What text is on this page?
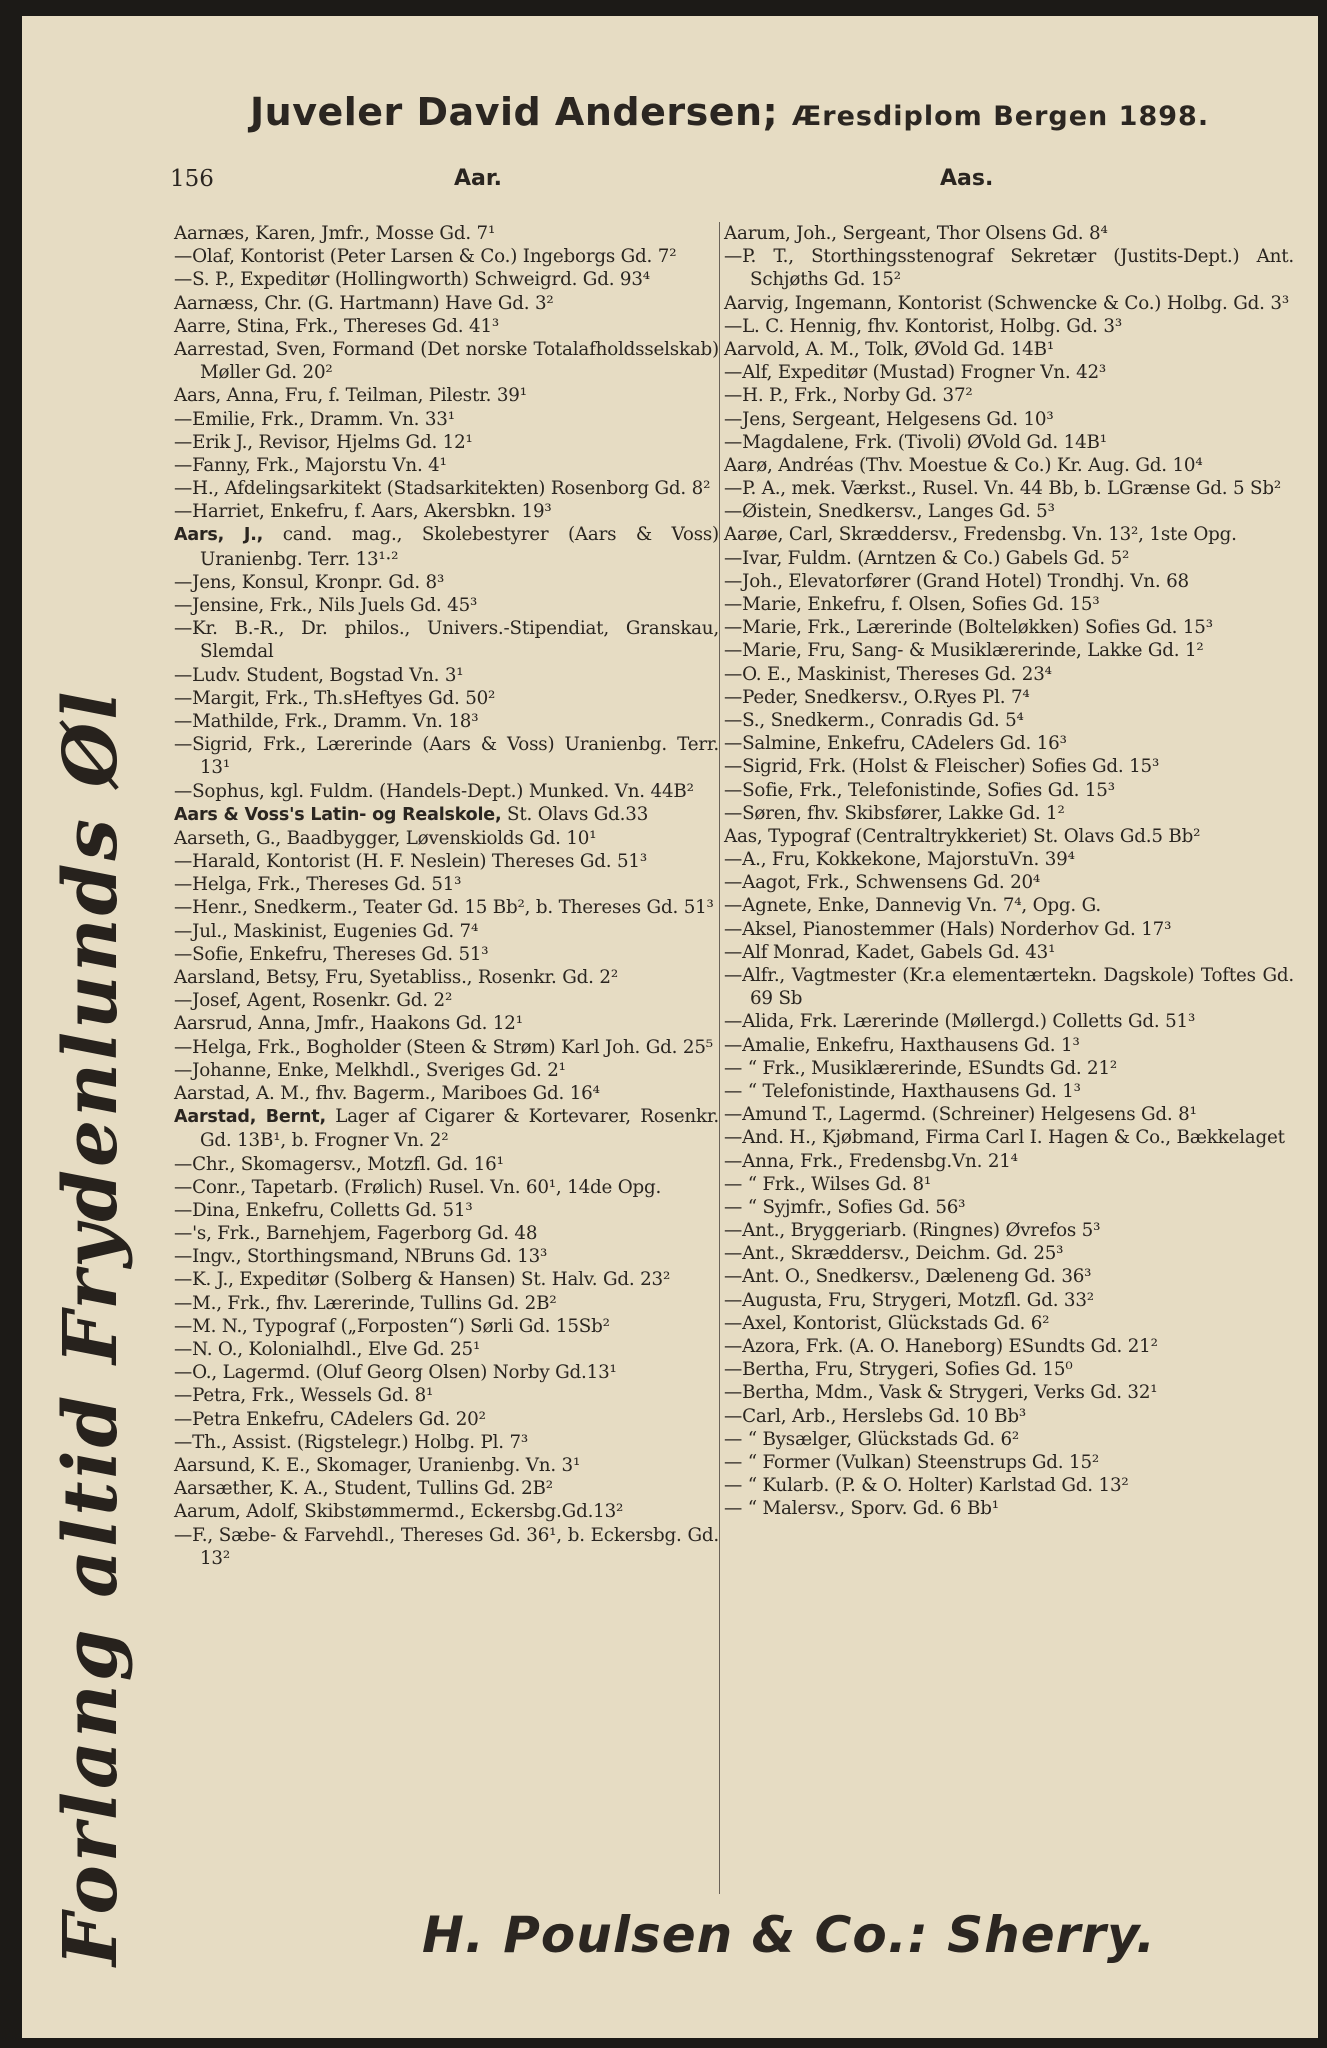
Juveler David Andersen; Æresdiplom Bergen 1898.
156	Aar.	Aas.
Aarnæs, Karen, Jmfr., Mosse Gd. 7¹
—Olaf, Kontorist (Peter Larsen & Co.) Ingeborgs Gd. 7²
—S. P., Expeditør (Hollingworth) Schweigrd. Gd. 93⁴
Aarnæss, Chr. (G. Hartmann) Have Gd. 3²
Aarre, Stina, Frk., Thereses Gd. 41³
Aarrestad, Sven, Formand (Det norske Totalafholdsselskab) Møller Gd. 20²
Aars, Anna, Fru, f. Teilman, Pilestr. 39¹
—Emilie, Frk., Dramm. Vn. 33¹
—Erik J., Revisor, Hjelms Gd. 12¹
—Fanny, Frk., Majorstu Vn. 4¹
—H., Afdelingsarkitekt (Stadsarkitekten) Rosenborg Gd. 8²
—Harriet, Enkefru, f. Aars, Akersbkn. 19³
Aars, J., cand. mag., Skolebestyrer (Aars & Voss) Uranienbg. Terr. 13¹·²
—Jens, Konsul, Kronpr. Gd. 8³
—Jensine, Frk., Nils Juels Gd. 45³
—Kr. B.-R., Dr. philos., Univers.-Stipendiat, Granskau, Slemdal
—Ludv. Student, Bogstad Vn. 3¹
—Margit, Frk., Th.sHeftyes Gd. 50²
—Mathilde, Frk., Dramm. Vn. 18³
—Sigrid, Frk., Lærerinde (Aars & Voss) Uranienbg. Terr. 13¹
—Sophus, kgl. Fuldm. (Handels-Dept.) Munked. Vn. 44B²
Aars & Voss's Latin- og Realskole, St. Olavs Gd.33
Aarseth, G., Baadbygger, Løvenskiolds Gd. 10¹
—Harald, Kontorist (H. F. Neslein) Thereses Gd. 51³
—Helga, Frk., Thereses Gd. 51³
—Henr., Snedkerm., Teater Gd. 15 Bb², b. Thereses Gd. 51³
—Jul., Maskinist, Eugenies Gd. 7⁴
—Sofie, Enkefru, Thereses Gd. 51³
Aarsland, Betsy, Fru, Syetabliss., Rosenkr. Gd. 2²
—Josef, Agent, Rosenkr. Gd. 2²
Aarsrud, Anna, Jmfr., Haakons Gd. 12¹
—Helga, Frk., Bogholder (Steen & Strøm) Karl Joh. Gd. 25⁵
—Johanne, Enke, Melkhdl., Sveriges Gd. 2¹
Aarstad, A. M., fhv. Bagerm., Mariboes Gd. 16⁴
Aarstad, Bernt, Lager af Cigarer & Kortevarer, Rosenkr. Gd. 13B¹, b. Frogner Vn. 2²
—Chr., Skomagersv., Motzfl. Gd. 16¹
—Conr., Tapetarb. (Frølich) Rusel. Vn. 60¹, 14de Opg.
—Dina, Enkefru, Colletts Gd. 51³
—'s, Frk., Barnehjem, Fagerborg Gd. 48
—Ingv., Storthingsmand, NBruns Gd. 13³
—K. J., Expeditør (Solberg & Hansen) St. Halv. Gd. 23²
—M., Frk., fhv. Lærerinde, Tullins Gd. 2B²
—M. N., Typograf („Forposten“) Sørli Gd. 15Sb²
—N. O., Kolonialhdl., Elve Gd. 25¹
—O., Lagermd. (Oluf Georg Olsen) Norby Gd.13¹
—Petra, Frk., Wessels Gd. 8¹
—Petra Enkefru, CAdelers Gd. 20²
—Th., Assist. (Rigstelegr.) Holbg. Pl. 7³
Aarsund, K. E., Skomager, Uranienbg. Vn. 3¹
Aarsæther, K. A., Student, Tullins Gd. 2B²
Aarum, Adolf, Skibstømmermd., Eckersbg.Gd.13²
—F., Sæbe- & Farvehdl., Thereses Gd. 36¹, b. Eckersbg. Gd. 13²
Aarum, Joh., Sergeant, Thor Olsens Gd. 8⁴
—P. T., Storthingsstenograf Sekretær (Justits-Dept.) Ant. Schjøths Gd. 15²
Aarvig, Ingemann, Kontorist (Schwencke & Co.) Holbg. Gd. 3³
—L. C. Hennig, fhv. Kontorist, Holbg. Gd. 3³
Aarvold, A. M., Tolk, ØVold Gd. 14B¹
—Alf, Expeditør (Mustad) Frogner Vn. 42³
—H. P., Frk., Norby Gd. 37²
—Jens, Sergeant, Helgesens Gd. 10³
—Magdalene, Frk. (Tivoli) ØVold Gd. 14B¹
Aarø, Andréas (Thv. Moestue & Co.) Kr. Aug. Gd. 10⁴
—P. A., mek. Værkst., Rusel. Vn. 44 Bb, b. LGrænse Gd. 5 Sb²
—Øistein, Snedkersv., Langes Gd. 5³
Aarøe, Carl, Skræddersv., Fredensbg. Vn. 13², 1ste Opg.
—Ivar, Fuldm. (Arntzen & Co.) Gabels Gd. 5²
—Joh., Elevatorfører (Grand Hotel) Trondhj. Vn. 68
—Marie, Enkefru, f. Olsen, Sofies Gd. 15³
—Marie, Frk., Lærerinde (Bolteløkken) Sofies Gd. 15³
—Marie, Fru, Sang- & Musiklærerinde, Lakke Gd. 1²
—O. E., Maskinist, Thereses Gd. 23⁴
—Peder, Snedkersv., O.Ryes Pl. 7⁴
—S., Snedkerm., Conradis Gd. 5⁴
—Salmine, Enkefru, CAdelers Gd. 16³
—Sigrid, Frk. (Holst & Fleischer) Sofies Gd. 15³
—Sofie, Frk., Telefonistinde, Sofies Gd. 15³
—Søren, fhv. Skibsfører, Lakke Gd. 1²
Aas, Typograf (Centraltrykkeriet) St. Olavs Gd.5 Bb²
—A., Fru, Kokkekone, MajorstuVn. 39⁴
—Aagot, Frk., Schwensens Gd. 20⁴
—Agnete, Enke, Dannevig Vn. 7⁴, Opg. G.
—Aksel, Pianostemmer (Hals) Norderhov Gd. 17³
—Alf Monrad, Kadet, Gabels Gd. 43¹
—Alfr., Vagtmester (Kr.a elementærtekn. Dagskole) Toftes Gd. 69 Sb
—Alida, Frk. Lærerinde (Møllergd.) Colletts Gd. 51³
—Amalie, Enkefru, Haxthausens Gd. 1³
— “ Frk., Musiklærerinde, ESundts Gd. 21²
— “ Telefonistinde, Haxthausens Gd. 1³
—Amund T., Lagermd. (Schreiner) Helgesens Gd. 8¹
—And. H., Kjøbmand, Firma Carl I. Hagen & Co., Bækkelaget
—Anna, Frk., Fredensbg.Vn. 21⁴
— “ Frk., Wilses Gd. 8¹
— “ Syjmfr., Sofies Gd. 56³
—Ant., Bryggeriarb. (Ringnes) Øvrefos 5³
—Ant., Skræddersv., Deichm. Gd. 25³
—Ant. O., Snedkersv., Dæleneng Gd. 36³
—Augusta, Fru, Strygeri, Motzfl. Gd. 33²
—Axel, Kontorist, Glückstads Gd. 6²
—Azora, Frk. (A. O. Haneborg) ESundts Gd. 21²
—Bertha, Fru, Strygeri, Sofies Gd. 15⁰
—Bertha, Mdm., Vask & Strygeri, Verks Gd. 32¹
—Carl, Arb., Herslebs Gd. 10 Bb³
— “ Bysælger, Glückstads Gd. 6²
— “ Former (Vulkan) Steenstrups Gd. 15²
— “ Kularb. (P. & O. Holter) Karlstad Gd. 13²
— “ Malersv., Sporv. Gd. 6 Bb¹
H. Poulsen & Co.: Sherry.
Forlang altid Frydenlunds Øl
